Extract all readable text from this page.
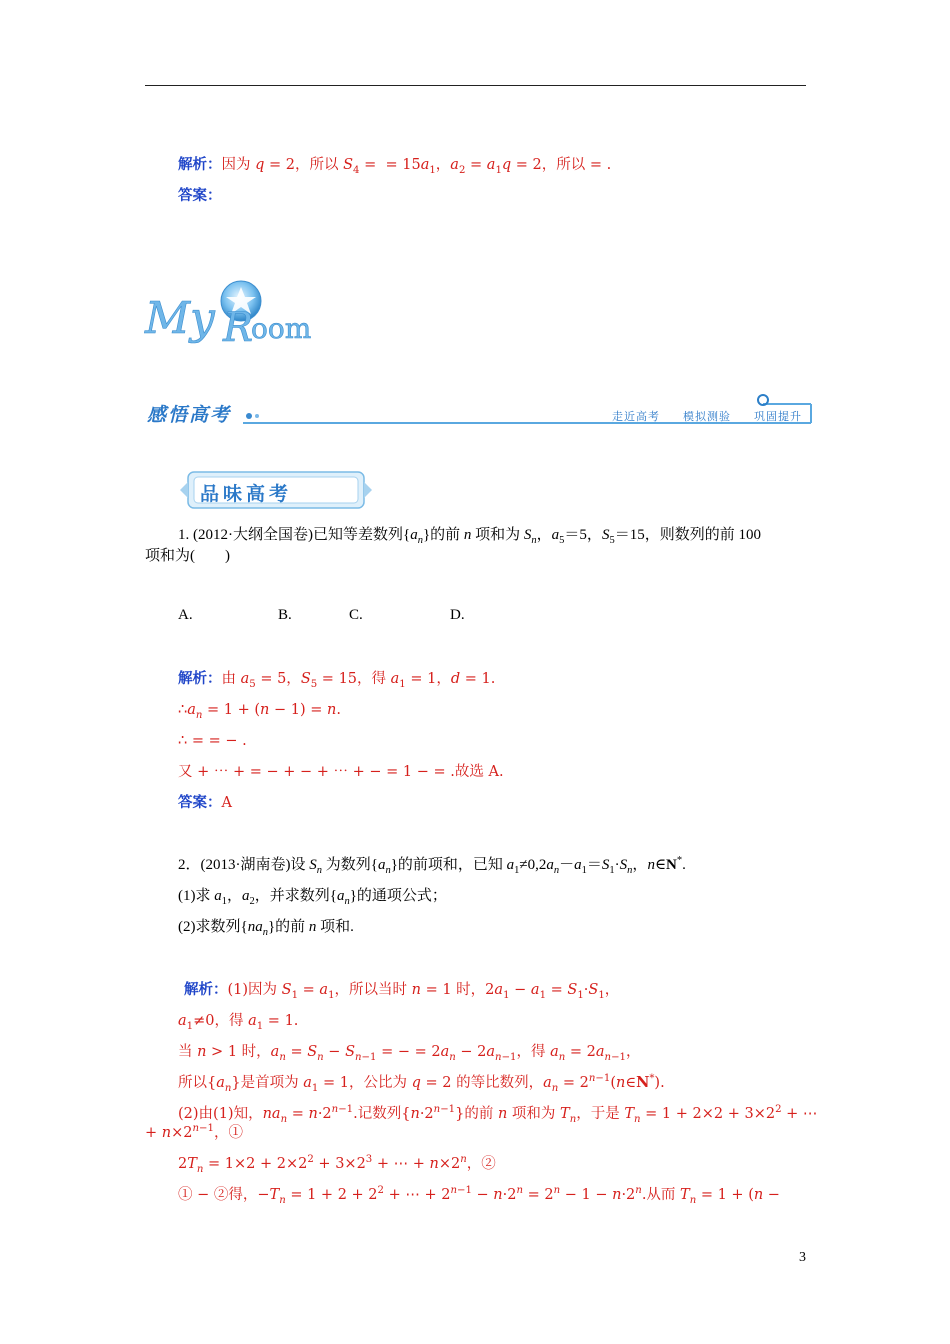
解析：因为 q = 2，所以 $S_4$ =  = $15a_1$，$a_2 = a_1q = 2$，所以 = .
答案：
My R
oom
感悟高考	走近高考 模拟测验 巩固提升
品味高考
1. (2012·大纲全国卷)已知等差数列$\{a_n\}$的前 n 项和为 $S_n$，$a_5=5$，$S_5=15$，则数列的前 100
项和为(　　)
A.	B.	C.	D.
解析：由 $a_5 = 5$，$S_5 = 15$，得 $a_1 = 1$，d = 1.
$\therefore a_n = 1 + (n - 1) = n$.
∴ = = − .
又 + ⋯ + = − + − + ⋯ + − = 1 − = .故选 A.
答案：A
2．(2013·湖南卷)设 $S_n$ 为数列$\{a_n\}$的前项和，已知 $a_1\ne 0,2a_n-a_1=S_1\cdot S_n$，n∈N*.
(1)求 $a_1$，$a_2$，并求数列$\{a_n\}$的通项公式；
(2)求数列$\{na_n\}$的前 n 项和.
解析：(1)因为 $S_1 = a_1$，所以当时 n = 1 时，$2a_1 - a_1 = S_1\cdot S_1$，
$a_1\ne 0$，得 $a_1 = 1$.
当 n > 1 时，$a_n = S_n - S_{n-1}$ = − = $2a_n - 2a_{n-1}$，得 $a_n = 2a_{n-1}$，
所以$\{a_n\}$是首项为 $a_1 = 1$，公比为 q = 2 的等比数列，$a_n$ = $2^{n-1}(n\in N^*)$.
(2)由(1)知，$na_n = n\cdot 2^{n-1}$.记数列$\{n\cdot 2^{n-1}\}$的前 n 项和为 $T_n$，于是 $T_n = 1 + 2\times 2 + 3\times 2^2$ + ⋯
+ $n\times 2^{n-1}$，①
$2T_n = 1\times 2 + 2\times 2^2 + 3\times 2^3$ + ⋯ + $n\times 2^n$，②
① − ②得，$-T_n = 1 + 2 + 2^2$ + ⋯ + $2^{n-1} - n\cdot 2^n = 2^n - 1 - n\cdot 2^n$.从而 $T_n = 1 + (n$ −
3
